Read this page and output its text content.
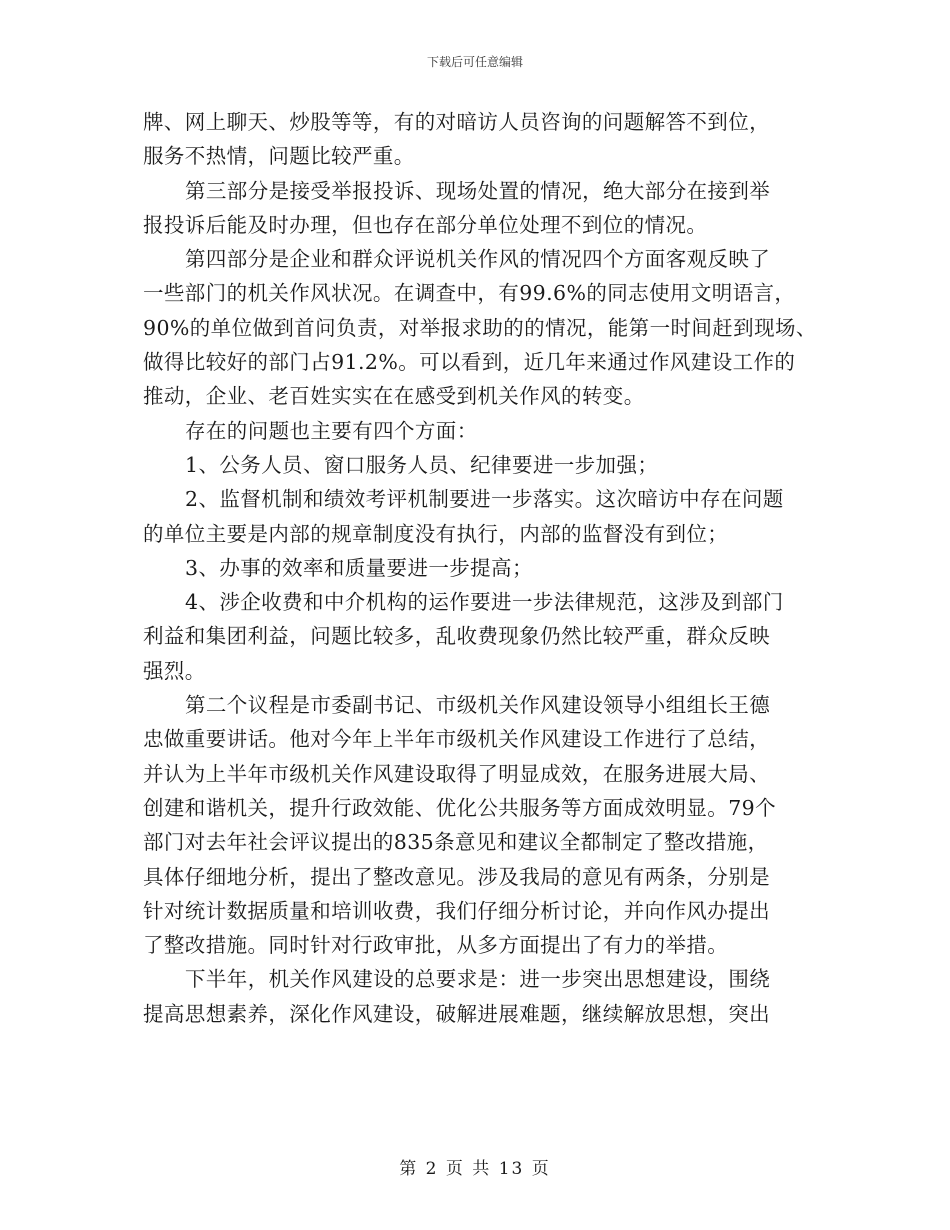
下载后可任意编辑
牌、网上聊天、炒股等等，有的对暗访人员咨询的问题解答不到位，
服务不热情，问题比较严重。
第三部分是接受举报投诉、现场处置的情况，绝大部分在接到举
报投诉后能及时办理，但也存在部分单位处理不到位的情况。
第四部分是企业和群众评说机关作风的情况四个方面客观反映了
一些部门的机关作风状况。在调查中，有99.6%的同志使用文明语言，
90%的单位做到首问负责，对举报求助的的情况，能第一时间赶到现场、
做得比较好的部门占91.2%。可以看到，近几年来通过作风建设工作的
推动，企业、老百姓实实在在感受到机关作风的转变。
存在的问题也主要有四个方面：
1、公务人员、窗口服务人员、纪律要进一步加强；
2、监督机制和绩效考评机制要进一步落实。这次暗访中存在问题
的单位主要是内部的规章制度没有执行，内部的监督没有到位；
3、办事的效率和质量要进一步提高；
4、涉企收费和中介机构的运作要进一步法律规范，这涉及到部门
利益和集团利益，问题比较多，乱收费现象仍然比较严重，群众反映
强烈。
第二个议程是市委副书记、市级机关作风建设领导小组组长王德
忠做重要讲话。他对今年上半年市级机关作风建设工作进行了总结，
并认为上半年市级机关作风建设取得了明显成效，在服务进展大局、
创建和谐机关，提升行政效能、优化公共服务等方面成效明显。79个
部门对去年社会评议提出的835条意见和建议全都制定了整改措施，
具体仔细地分析，提出了整改意见。涉及我局的意见有两条，分别是
针对统计数据质量和培训收费，我们仔细分析讨论，并向作风办提出
了整改措施。同时针对行政审批，从多方面提出了有力的举措。
下半年，机关作风建设的总要求是：进一步突出思想建设，围绕
提高思想素养，深化作风建设，破解进展难题，继续解放思想，突出
第 2 页 共 13 页
